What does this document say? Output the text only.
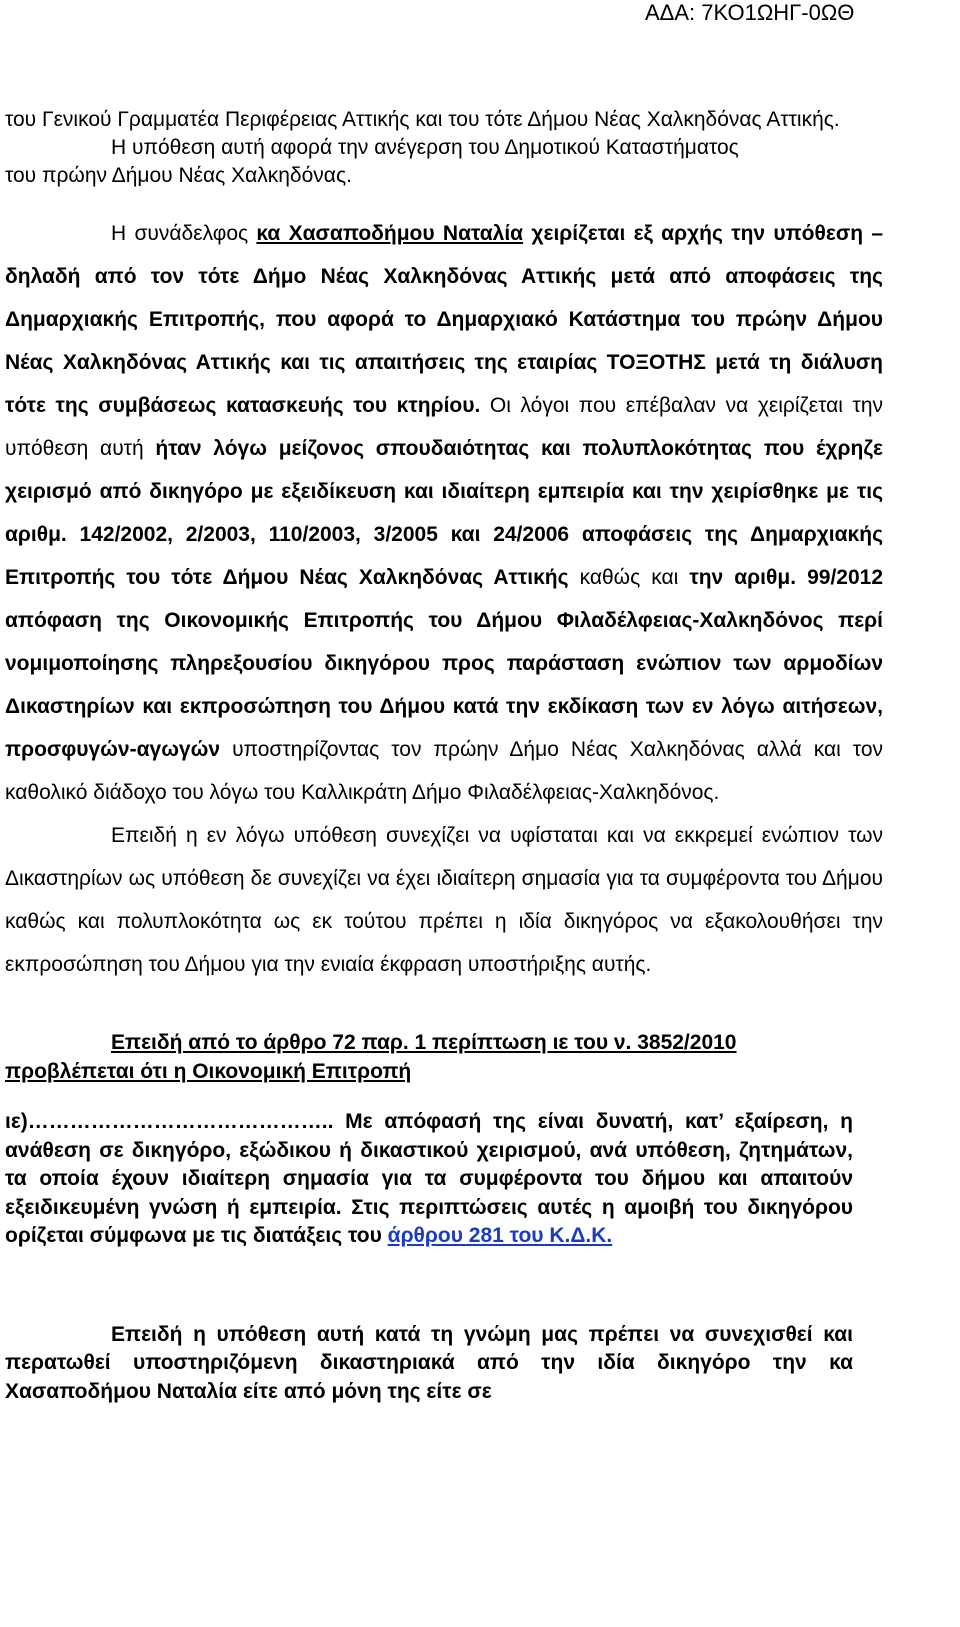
ΑΔΑ: 7ΚΟ1ΩΗΓ-0ΩΘ

του Γενικού Γραμματέα Περιφέρειας Αττικής και του τότε Δήμου Νέας Χαλκηδόνας Αττικής.
Η υπόθεση αυτή αφορά την ανέγερση του Δημοτικού Καταστήματος
του πρώην Δήμου Νέας Χαλκηδόνας.

Η συνάδελφος κα Χασαποδήμου Ναταλία χειρίζεται εξ αρχής την υπόθεση –δηλαδή από τον τότε Δήμο Νέας Χαλκηδόνας Αττικής μετά από αποφάσεις της Δημαρχιακής Επιτροπής, που αφορά το Δημαρχιακό Κατάστημα του πρώην Δήμου Νέας Χαλκηδόνας Αττικής και τις απαιτήσεις της εταιρίας ΤΟΞΟΤΗΣ μετά τη διάλυση τότε της συμβάσεως κατασκευής του κτηρίου. Οι λόγοι που επέβαλαν να χειρίζεται την υπόθεση αυτή ήταν λόγω μείζονος σπουδαιότητας και πολυπλοκότητας που έχρηζε χειρισμό από δικηγόρο με εξειδίκευση και ιδιαίτερη εμπειρία και την χειρίσθηκε με τις αριθμ. 142/2002, 2/2003, 110/2003, 3/2005 και 24/2006 αποφάσεις της Δημαρχιακής Επιτροπής του τότε Δήμου Νέας Χαλκηδόνας Αττικής καθώς και την αριθμ. 99/2012 απόφαση της Οικονομικής Επιτροπής του Δήμου Φιλαδέλφειας-Χαλκηδόνος περί νομιμοποίησης πληρεξουσίου δικηγόρου προς παράσταση ενώπιον των αρμοδίων Δικαστηρίων και εκπροσώπηση του Δήμου κατά την εκδίκαση των εν λόγω αιτήσεων, προσφυγών-αγωγών υποστηρίζοντας τον πρώην Δήμο Νέας Χαλκηδόνας αλλά και τον καθολικό διάδοχο του λόγω του Καλλικράτη Δήμο Φιλαδέλφειας-Χαλκηδόνος.

Επειδή η εν λόγω υπόθεση συνεχίζει να υφίσταται και να εκκρεμεί ενώπιον των Δικαστηρίων ως υπόθεση δε συνεχίζει να έχει ιδιαίτερη σημασία για τα συμφέροντα του Δήμου καθώς και πολυπλοκότητα ως εκ τούτου πρέπει η ιδία δικηγόρος να εξακολουθήσει την εκπροσώπηση του Δήμου για την ενιαία έκφραση υποστήριξης αυτής.

Επειδή από το άρθρο 72 παρ. 1 περίπτωση ιε του ν. 3852/2010
προβλέπεται ότι η Οικονομική Επιτροπή

ιε)…………………………………….. Με απόφασή της είναι δυνατή, κατ’ εξαίρεση, η ανάθεση σε δικηγόρο, εξώδικου ή δικαστικού χειρισμού, ανά υπόθεση, ζητημάτων, τα οποία έχουν ιδιαίτερη σημασία για τα συμφέροντα του δήμου και απαιτούν εξειδικευμένη γνώση ή εμπειρία. Στις περιπτώσεις αυτές η αμοιβή του δικηγόρου ορίζεται σύμφωνα με τις διατάξεις του άρθρου 281 του Κ.Δ.Κ.

Επειδή η υπόθεση αυτή κατά τη γνώμη μας πρέπει να συνεχισθεί και περατωθεί υποστηριζόμενη δικαστηριακά από την ιδία δικηγόρο την κα Χασαποδήμου Ναταλία είτε από μόνη της είτε σε
